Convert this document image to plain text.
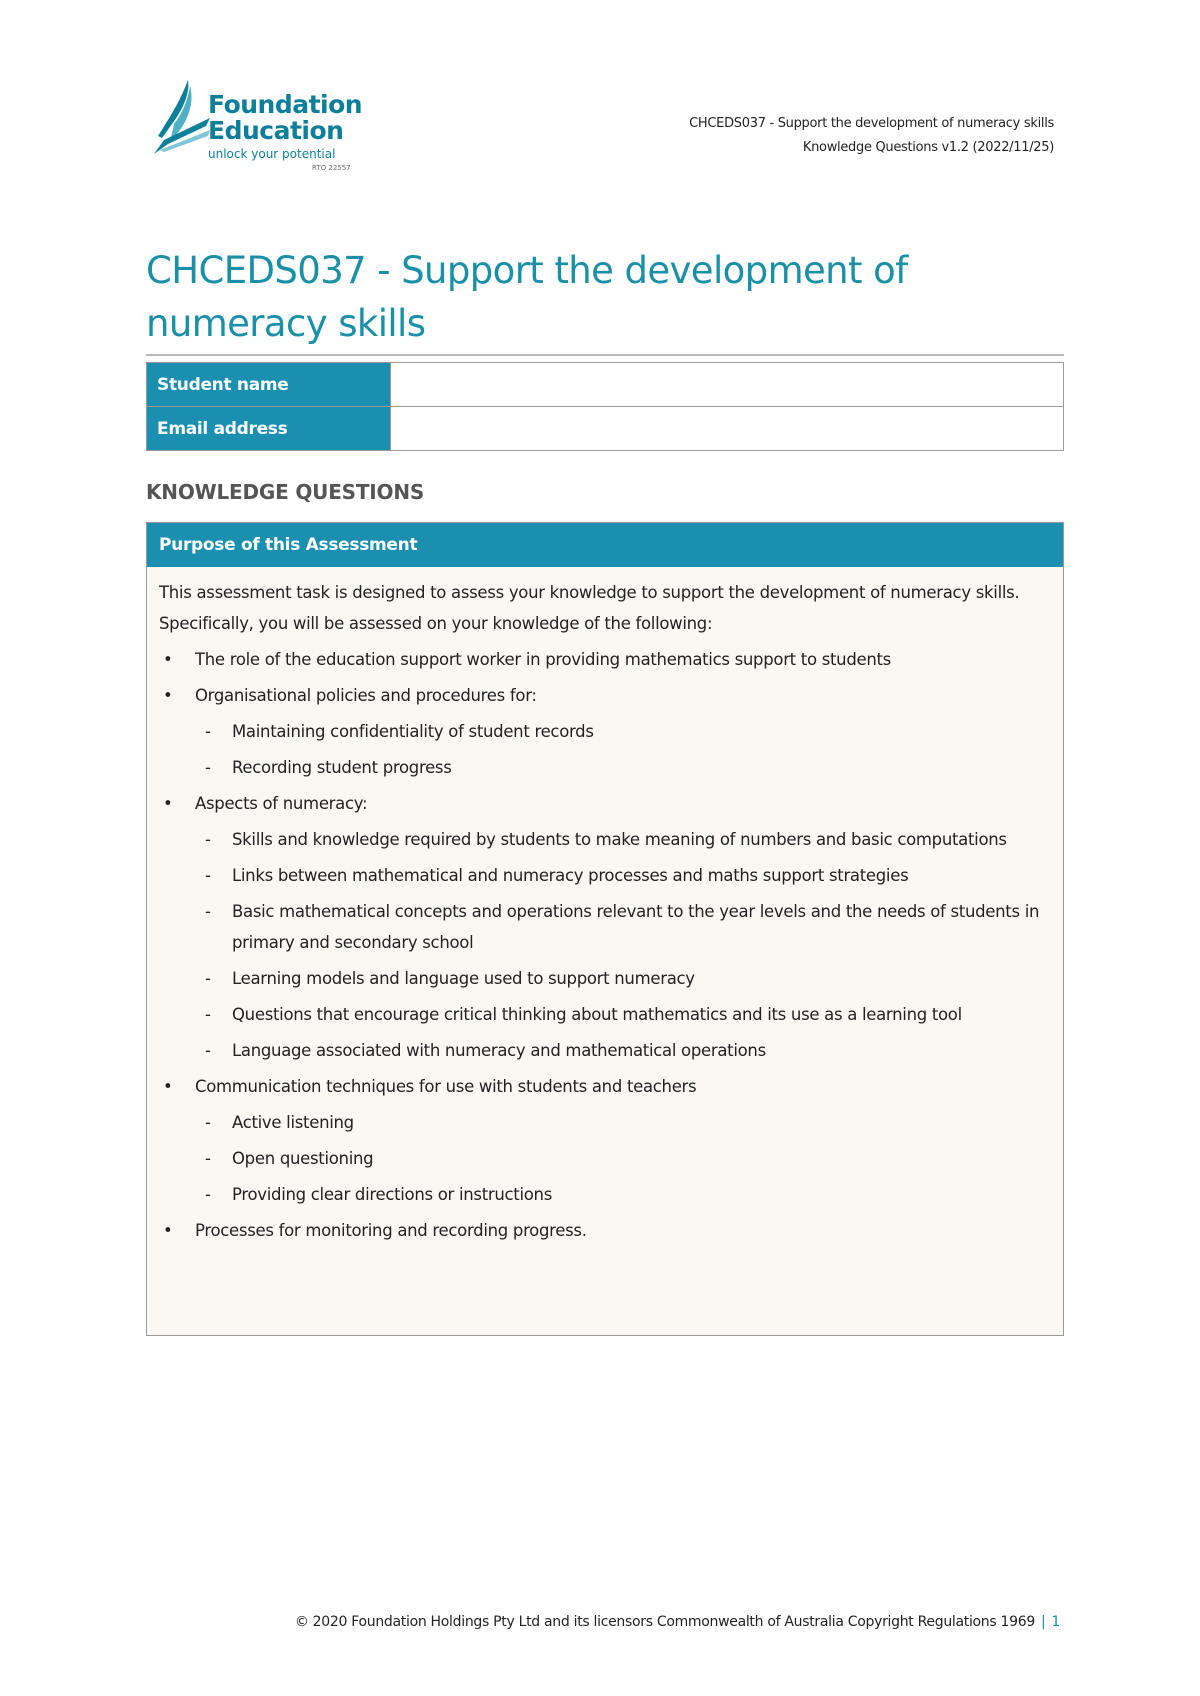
Foundation
Education
unlock your potential
RTO 22557
CHCEDS037 - Support the development of numeracy skills
Knowledge Questions v1.2 (2022/11/25)
CHCEDS037 - Support the development of numeracy skills
Student name	
Email address	
KNOWLEDGE QUESTIONS
Purpose of this Assessment

This assessment task is designed to assess your knowledge to support the development of numeracy skills. Specifically, you will be assessed on your knowledge of the following:

• The role of the education support worker in providing mathematics support to students
• Organisational policies and procedures for:
- Maintaining confidentiality of student records
- Recording student progress
• Aspects of numeracy:
- Skills and knowledge required by students to make meaning of numbers and basic computations
- Links between mathematical and numeracy processes and maths support strategies
- Basic mathematical concepts and operations relevant to the year levels and the needs of students in primary and secondary school
- Learning models and language used to support numeracy
- Questions that encourage critical thinking about mathematics and its use as a learning tool
- Language associated with numeracy and mathematical operations
• Communication techniques for use with students and teachers
- Active listening
- Open questioning
- Providing clear directions or instructions
• Processes for monitoring and recording progress.
© 2020 Foundation Holdings Pty Ltd and its licensors Commonwealth of Australia Copyright Regulations 1969 | 1
